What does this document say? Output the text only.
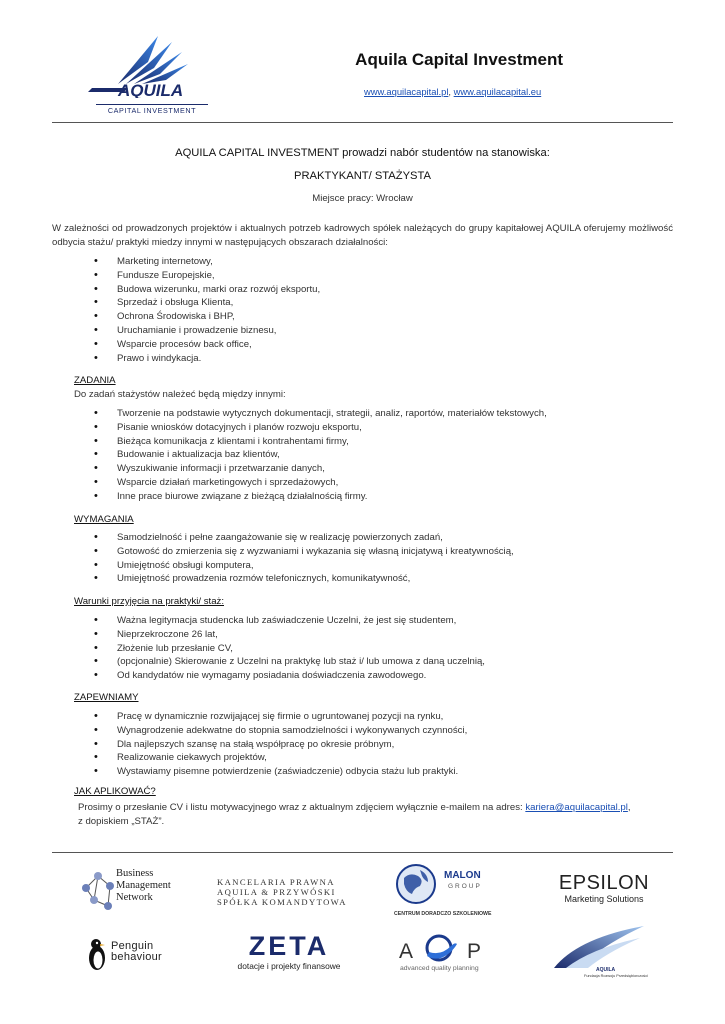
AQUILA
CAPITAL INVESTMENT
Aquila Capital Investment
www.aquilacapital.pl, www.aquilacapital.eu
AQUILA CAPITAL INVESTMENT prowadzi nabór studentów na stanowiska:
PRAKTYKANT/ STAŻYSTA
Miejsce pracy: Wrocław
W zależności od prowadzonych projektów i aktualnych potrzeb kadrowych spółek należących do grupy kapitałowej AQUILA oferujemy możliwość odbycia stażu/ praktyki miedzy innymi w następujących obszarach działalności:
• Marketing internetowy,
• Fundusze Europejskie,
• Budowa wizerunku, marki oraz rozwój eksportu,
• Sprzedaż i obsługa Klienta,
• Ochrona Środowiska i BHP,
• Uruchamianie i prowadzenie biznesu,
• Wsparcie procesów back office,
• Prawo i windykacja.
ZADANIA
Do zadań stażystów należeć będą między innymi:
• Tworzenie na podstawie wytycznych dokumentacji, strategii, analiz, raportów, materiałów tekstowych,
• Pisanie wniosków dotacyjnych i planów rozwoju eksportu,
• Bieżąca komunikacja z klientami i kontrahentami firmy,
• Budowanie i aktualizacja baz klientów,
• Wyszukiwanie informacji i przetwarzanie danych,
• Wsparcie działań marketingowych i sprzedażowych,
• Inne prace biurowe związane z bieżącą działalnością firmy.
WYMAGANIA
• Samodzielność i pełne zaangażowanie się w realizację powierzonych zadań,
• Gotowość do zmierzenia się z wyzwaniami i wykazania się własną inicjatywą i kreatywnością,
• Umiejętność obsługi komputera,
• Umiejętność prowadzenia rozmów telefonicznych, komunikatywność,
Warunki przyjęcia na praktyki/ staż:
• Ważna legitymacja studencka lub zaświadczenie Uczelni, że jest się studentem,
• Nieprzekroczone 26 lat,
• Złożenie lub przesłanie CV,
• (opcjonalnie) Skierowanie z Uczelni na praktykę lub staż i/ lub umowa z daną uczelnią,
• Od kandydatów nie wymagamy posiadania doświadczenia zawodowego.
ZAPEWNIAMY
• Pracę w dynamicznie rozwijającej się firmie o ugruntowanej pozycji na rynku,
• Wynagrodzenie adekwatne do stopnia samodzielności i wykonywanych czynności,
• Dla najlepszych szansę na stałą współpracę po okresie próbnym,
• Realizowanie ciekawych projektów,
• Wystawiamy pisemne potwierdzenie (zaświadczenie) odbycia stażu lub praktyki.
JAK APLIKOWAĆ?
Prosimy o przesłanie CV i listu motywacyjnego wraz z aktualnym zdjęciem wyłącznie e-mailem na adres: kariera@aquilacapital.pl,
z dopiskiem „STAŻ”.
Business
Management
Network
KANCELARIA PRAWNA
AQUILA & PRZYWÓSKI
SPÓŁKA KOMANDYTOWA
MALON
GROUP
CENTRUM DORADCZO SZKOLENIOWE
EPSILON
Marketing Solutions
Penguin
behaviour	ZETA
dotacje i projekty finansowe
A	P
advanced quality planning	AQUILA
Fundacja Rozwoju Przedsiębiorczości
